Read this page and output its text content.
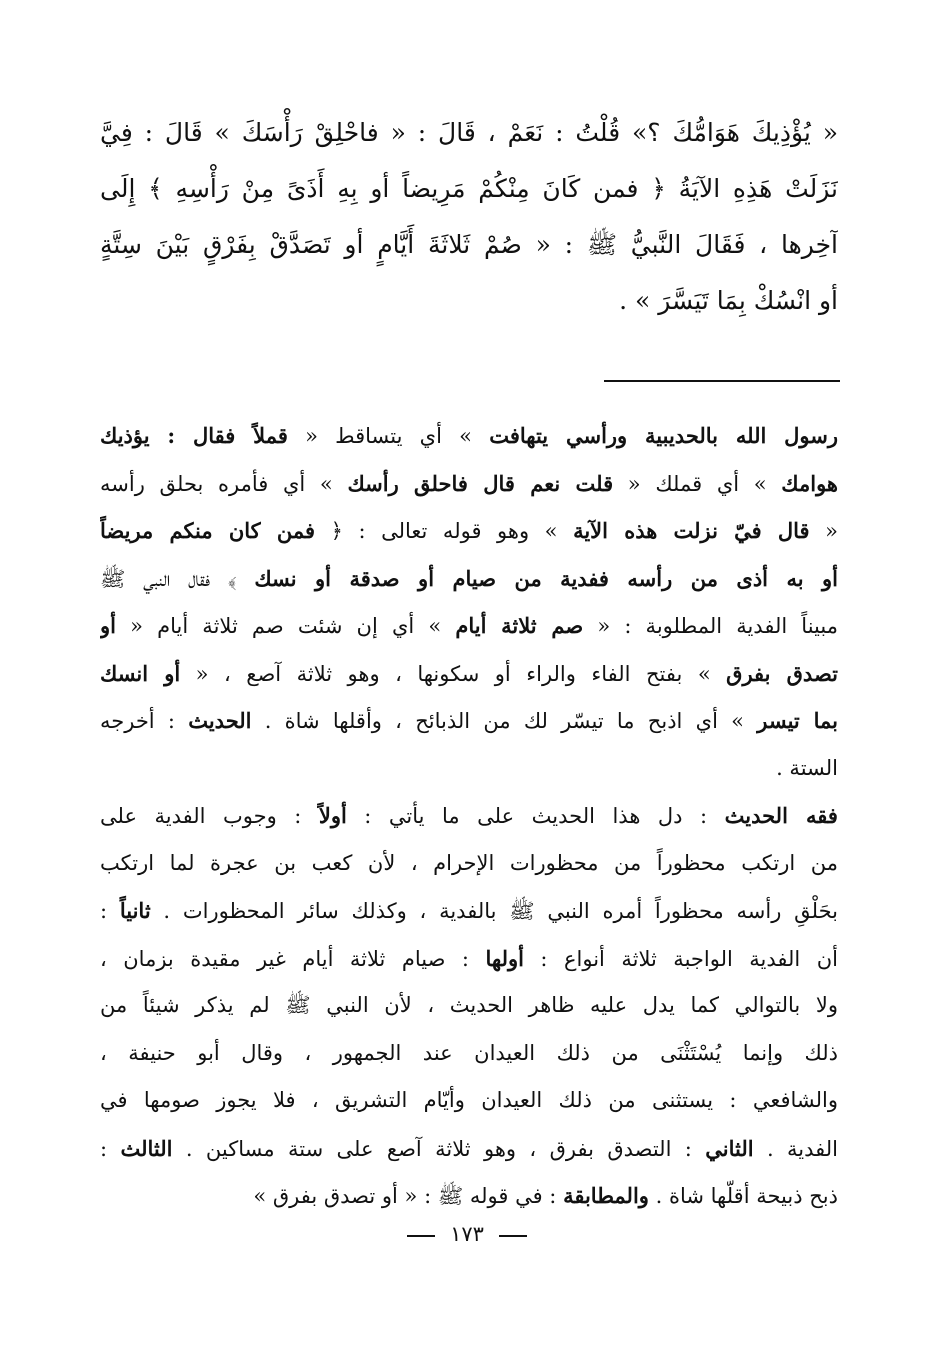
« يُؤْذِيكَ هَوَامُّكَ ؟» قُلْتُ : نَعَمْ ، قَالَ : « فاحْلِقْ رَأْسَكَ » قَالَ : فِيَّ
نَزَلَتْ هَذِهِ الآيَةُ ﴿ فمن كَانَ مِنْكُمْ مَرِيضاً أو بِهِ أَذَىً مِنْ رَأْسِهِ ﴾ إِلَى
آخِرها ، فَقَالَ النَّبيُّ ﷺ : « صُمْ ثَلاثَةَ أَيَّامٍ أو تَصَدَّقْ بِفَرْقٍ بَيْنَ سِتَّةٍ
أو انْسُكْ بِمَا تَيَسَّرَ » .
رسول الله بالحديبية ورأسي يتهافت » أي يتساقط « قملاً فقال : يؤذيك
هوامك » أي قملك « قلت نعم قال فاحلق رأسك » أي فأمره بحلق رأسه
« قال فيّ نزلت هذه الآية » وهو قوله تعالى : ﴿ فمن كان منكم مريضاً
أو به أذى من رأسه ففدية من صيام أو صدقة أو نسك ﴾ فقال النبي ﷺ
مبيناً الفدية المطلوبة : « صم ثلاثة أيام » أي إن شئت صم ثلاثة أيام « أو
تصدق بفرق » بفتح الفاء والراء أو سكونها ، وهو ثلاثة آصع ، « أو انسك
بما تيسر » أي اذبح ما تيسّر لك من الذبائح ، وأقلها شاة . الحديث : أخرجه
الستة .
فقه الحديث : دل هذا الحديث على ما يأتي : أولاً : وجوب الفدية على
من ارتكب محظوراً من محظورات الإحرام ، لأن كعب بن عجرة لما ارتكب
بحَلْقِ رأسه محظوراً أمره النبي ﷺ بالفدية ، وكذلك سائر المحظورات . ثانياً :
أن الفدية الواجبة ثلاثة أنواع : أولها : صيام ثلاثة أيام غير مقيدة بزمان ،
ولا بالتوالي كما يدل عليه ظاهر الحديث ، لأن النبي ﷺ لم يذكر شيئاً من
ذلك وإنما يُسْتَثْنَى من ذلك العيدان عند الجمهور ، وقال أبو حنيفة ،
والشافعي : يستثنى من ذلك العيدان وأيّام التشريق ، فلا يجوز صومها في
الفدية . الثاني : التصدق بفرق ، وهو ثلاثة آصع على ستة مساكين . الثالث :
ذبح ذبيحة أقلّها شاة . والمطابقة : في قوله ﷺ : « أو تصدق بفرق »
١٧٣
